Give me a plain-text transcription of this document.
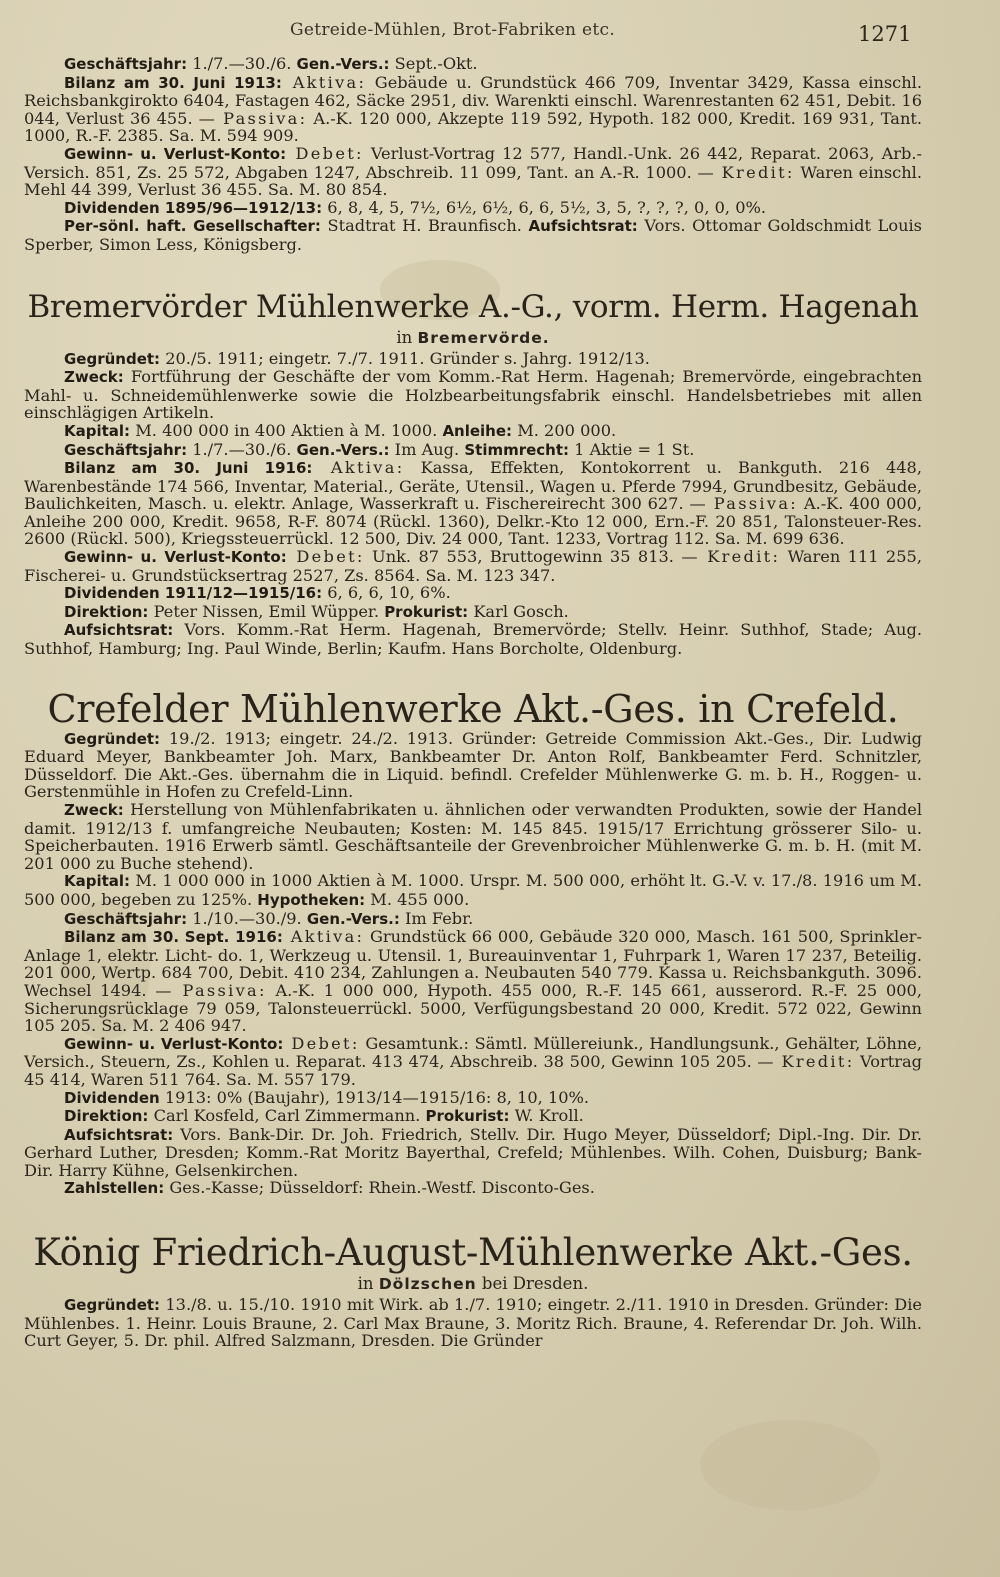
Getreide-Mühlen, Brot-Fabriken etc.	1271

Geschäftsjahr: 1./7.—30./6. Gen.-Vers.: Sept.-Okt.

Bilanz am 30. Juni 1913: Aktiva: Gebäude u. Grundstück 466 709, Inventar 3429, Kassa einschl. Reichsbankgirokto 6404, Fastagen 462, Säcke 2951, div. Warenkti einschl. Warenrestanten 62 451, Debit. 16 044, Verlust 36 455. — Passiva: A.-K. 120 000, Akzepte 119 592, Hypoth. 182 000, Kredit. 169 931, Tant. 1000, R.-F. 2385. Sa. M. 594 909.

Gewinn- u. Verlust-Konto: Debet: Verlust-Vortrag 12 577, Handl.-Unk. 26 442, Reparat. 2063, Arb.-Versich. 851, Zs. 25 572, Abgaben 1247, Abschreib. 11 099, Tant. an A.-R. 1000. — Kredit: Waren einschl. Mehl 44 399, Verlust 36 455. Sa. M. 80 854.

Dividenden 1895/96—1912/13: 6, 8, 4, 5, 7½, 6½, 6½, 6, 6, 5½, 3, 5, ?, ?, ?, 0, 0, 0%.

Per-sönl. haft. Gesellschafter: Stadtrat H. Braunfisch. Aufsichtsrat: Vors. Ottomar Goldschmidt Louis Sperber, Simon Less, Königsberg.

Bremervörder Mühlenwerke A.-G., vorm. Herm. Hagenah
in Bremervörde.

Gegründet: 20./5. 1911; eingetr. 7./7. 1911. Gründer s. Jahrg. 1912/13.

Zweck: Fortführung der Geschäfte der vom Komm.-Rat Herm. Hagenah; Bremervörde, eingebrachten Mahl- u. Schneidemühlenwerke sowie die Holzbearbeitungsfabrik einschl. Handelsbetriebes mit allen einschlägigen Artikeln.

Kapital: M. 400 000 in 400 Aktien à M. 1000. Anleihe: M. 200 000.

Geschäftsjahr: 1./7.—30./6. Gen.-Vers.: Im Aug. Stimmrecht: 1 Aktie = 1 St.

Bilanz am 30. Juni 1916: Aktiva: Kassa, Effekten, Kontokorrent u. Bankguth. 216 448, Warenbestände 174 566, Inventar, Material., Geräte, Utensil., Wagen u. Pferde 7994, Grundbesitz, Gebäude, Baulichkeiten, Masch. u. elektr. Anlage, Wasserkraft u. Fischereirecht 300 627. — Passiva: A.-K. 400 000, Anleihe 200 000, Kredit. 9658, R-F. 8074 (Rückl. 1360), Delkr.-Kto 12 000, Ern.-F. 20 851, Talonsteuer-Res. 2600 (Rückl. 500), Kriegssteuerrückl. 12 500, Div. 24 000, Tant. 1233, Vortrag 112. Sa. M. 699 636.

Gewinn- u. Verlust-Konto: Debet: Unk. 87 553, Bruttogewinn 35 813. — Kredit: Waren 111 255, Fischerei- u. Grundstücksertrag 2527, Zs. 8564. Sa. M. 123 347.

Dividenden 1911/12—1915/16: 6, 6, 6, 10, 6%.

Direktion: Peter Nissen, Emil Wüpper. Prokurist: Karl Gosch.

Aufsichtsrat: Vors. Komm.-Rat Herm. Hagenah, Bremervörde; Stellv. Heinr. Suthhof, Stade; Aug. Suthhof, Hamburg; Ing. Paul Winde, Berlin; Kaufm. Hans Borcholte, Oldenburg.

Crefelder Mühlenwerke Akt.-Ges. in Crefeld.

Gegründet: 19./2. 1913; eingetr. 24./2. 1913. Gründer: Getreide Commission Akt.-Ges., Dir. Ludwig Eduard Meyer, Bankbeamter Joh. Marx, Bankbeamter Dr. Anton Rolf, Bankbeamter Ferd. Schnitzler, Düsseldorf. Die Akt.-Ges. übernahm die in Liquid. befindl. Crefelder Mühlenwerke G. m. b. H., Roggen- u. Gerstenmühle in Hofen zu Crefeld-Linn.

Zweck: Herstellung von Mühlenfabrikaten u. ähnlichen oder verwandten Produkten, sowie der Handel damit. 1912/13 f. umfangreiche Neubauten; Kosten: M. 145 845. 1915/17 Errichtung grösserer Silo- u. Speicherbauten. 1916 Erwerb sämtl. Geschäftsanteile der Grevenbroicher Mühlenwerke G. m. b. H. (mit M. 201 000 zu Buche stehend).

Kapital: M. 1 000 000 in 1000 Aktien à M. 1000. Urspr. M. 500 000, erhöht lt. G.-V. v. 17./8. 1916 um M. 500 000, begeben zu 125%. Hypotheken: M. 455 000.

Geschäftsjahr: 1./10.—30./9. Gen.-Vers.: Im Febr.

Bilanz am 30. Sept. 1916: Aktiva: Grundstück 66 000, Gebäude 320 000, Masch. 161 500, Sprinkler-Anlage 1, elektr. Licht- do. 1, Werkzeug u. Utensil. 1, Bureauinventar 1, Fuhrpark 1, Waren 17 237, Beteilig. 201 000, Wertp. 684 700, Debit. 410 234, Zahlungen a. Neubauten 540 779. Kassa u. Reichsbankguth. 3096. Wechsel 1494. — Passiva: A.-K. 1 000 000, Hypoth. 455 000, R.-F. 145 661, ausserord. R.-F. 25 000, Sicherungsrücklage 79 059, Talonsteuerrückl. 5000, Verfügungsbestand 20 000, Kredit. 572 022, Gewinn 105 205. Sa. M. 2 406 947.

Gewinn- u. Verlust-Konto: Debet: Gesamtunk.: Sämtl. Müllereiunk., Handlungsunk., Gehälter, Löhne, Versich., Steuern, Zs., Kohlen u. Reparat. 413 474, Abschreib. 38 500, Gewinn 105 205. — Kredit: Vortrag 45 414, Waren 511 764. Sa. M. 557 179.

Dividenden 1913: 0% (Baujahr), 1913/14—1915/16: 8, 10, 10%.

Direktion: Carl Kosfeld, Carl Zimmermann. Prokurist: W. Kroll.

Aufsichtsrat: Vors. Bank-Dir. Dr. Joh. Friedrich, Stellv. Dir. Hugo Meyer, Düsseldorf; Dipl.-Ing. Dir. Dr. Gerhard Luther, Dresden; Komm.-Rat Moritz Bayerthal, Crefeld; Mühlenbes. Wilh. Cohen, Duisburg; Bank-Dir. Harry Kühne, Gelsenkirchen.

Zahlstellen: Ges.-Kasse; Düsseldorf: Rhein.-Westf. Disconto-Ges.

König Friedrich-August-Mühlenwerke Akt.-Ges.
in Dölzschen bei Dresden.

Gegründet: 13./8. u. 15./10. 1910 mit Wirk. ab 1./7. 1910; eingetr. 2./11. 1910 in Dresden. Gründer: Die Mühlenbes. 1. Heinr. Louis Braune, 2. Carl Max Braune, 3. Moritz Rich. Braune, 4. Referendar Dr. Joh. Wilh. Curt Geyer, 5. Dr. phil. Alfred Salzmann, Dresden. Die Gründer
